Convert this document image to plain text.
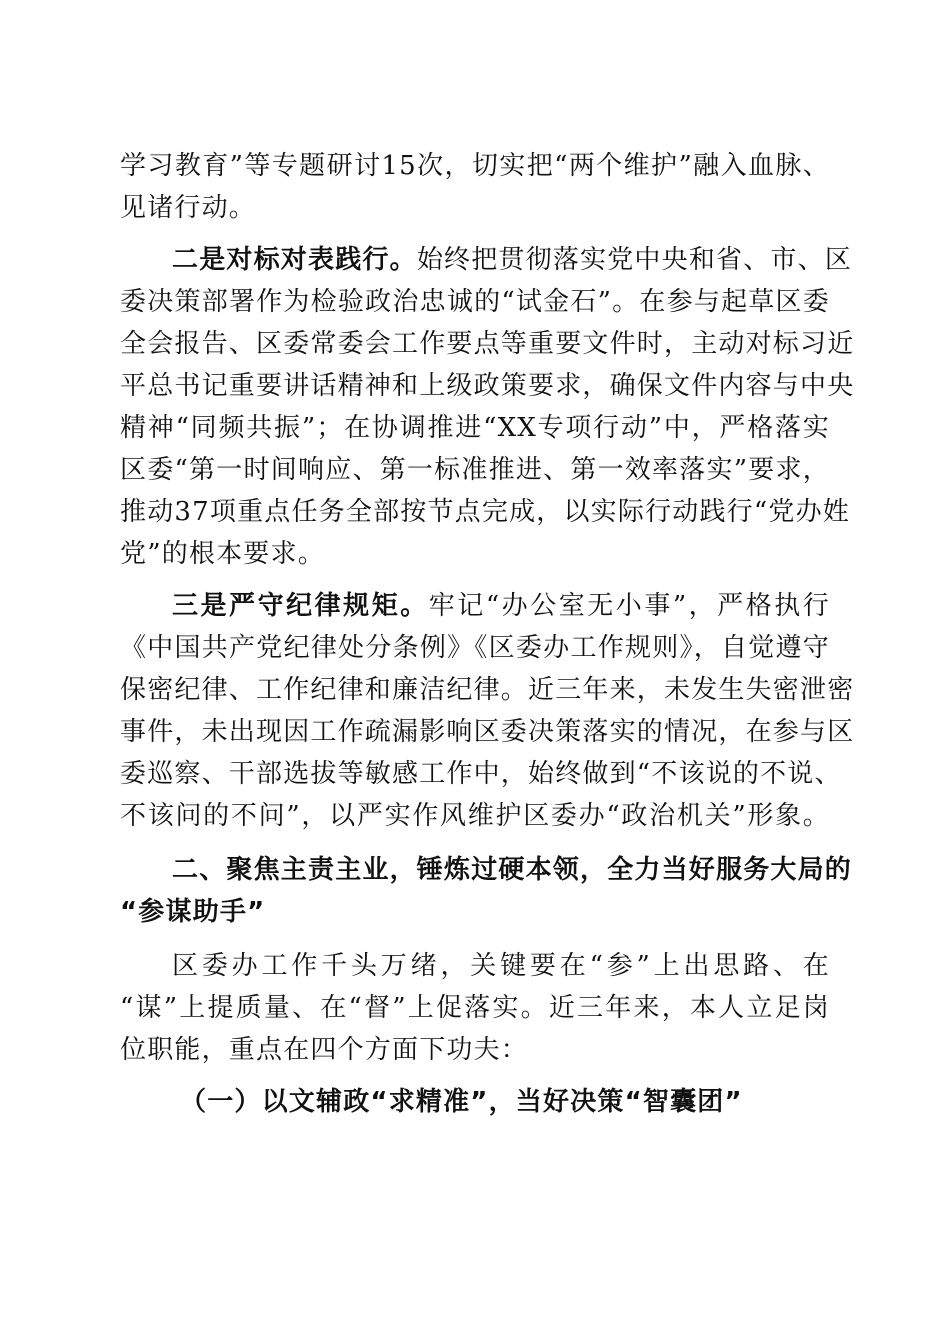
学习教育”等专题研讨15次，切实把“两个维护”融入血脉、
见诸行动。
二是对标对表践行。始终把贯彻落实党中央和省、市、区
委决策部署作为检验政治忠诚的“试金石”。在参与起草区委
全会报告、区委常委会工作要点等重要文件时，主动对标习近
平总书记重要讲话精神和上级政策要求，确保文件内容与中央
精神“同频共振”；在协调推进“XX专项行动”中，严格落实
区委“第一时间响应、第一标准推进、第一效率落实”要求，
推动37项重点任务全部按节点完成，以实际行动践行“党办姓
党”的根本要求。
三是严守纪律规矩。牢记“办公室无小事”，严格执行
《中国共产党纪律处分条例》《区委办工作规则》，自觉遵守
保密纪律、工作纪律和廉洁纪律。近三年来，未发生失密泄密
事件，未出现因工作疏漏影响区委决策落实的情况，在参与区
委巡察、干部选拔等敏感工作中，始终做到“不该说的不说、
不该问的不问”，以严实作风维护区委办“政治机关”形象。
二、聚焦主责主业，锤炼过硬本领，全力当好服务大局的
“参谋助手”
区委办工作千头万绪，关键要在“参”上出思路、在
“谋”上提质量、在“督”上促落实。近三年来，本人立足岗
位职能，重点在四个方面下功夫：
（一）以文辅政“求精准”，当好决策“智囊团”
